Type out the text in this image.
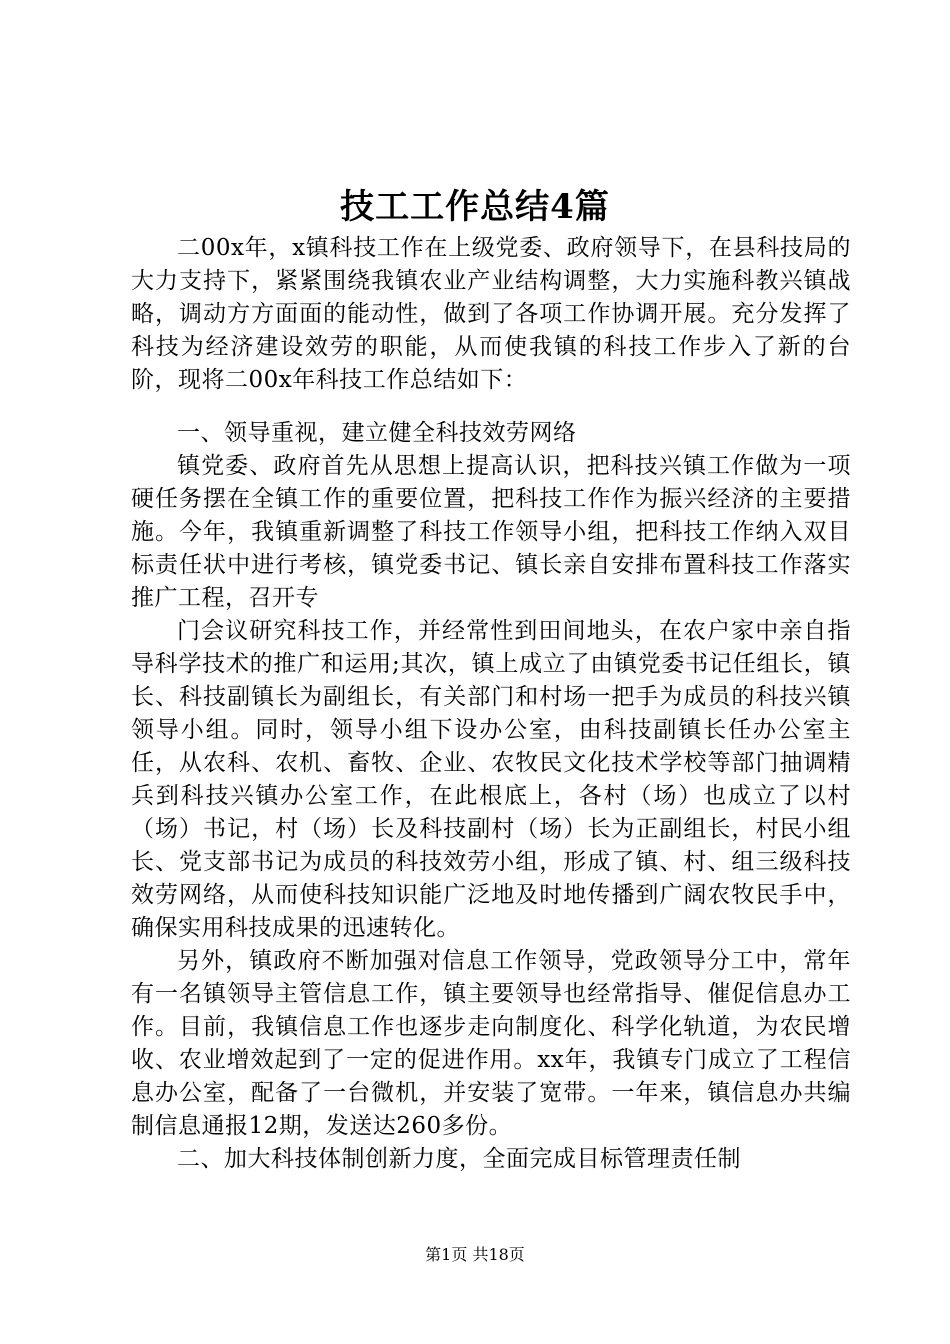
技工工作总结4篇

二00x年，x镇科技工作在上级党委、政府领导下，在县科技局的大力支持下，紧紧围绕我镇农业产业结构调整，大力实施科教兴镇战略，调动方方面面的能动性，做到了各项工作协调开展。充分发挥了科技为经济建设效劳的职能，从而使我镇的科技工作步入了新的台阶，现将二00x年科技工作总结如下：

一、领导重视，建立健全科技效劳网络

镇党委、政府首先从思想上提高认识，把科技兴镇工作做为一项硬任务摆在全镇工作的重要位置，把科技工作作为振兴经济的主要措施。今年，我镇重新调整了科技工作领导小组，把科技工作纳入双目标责任状中进行考核，镇党委书记、镇长亲自安排布置科技工作落实推广工程，召开专

门会议研究科技工作，并经常性到田间地头，在农户家中亲自指导科学技术的推广和运用;其次，镇上成立了由镇党委书记任组长，镇长、科技副镇长为副组长，有关部门和村场一把手为成员的科技兴镇领导小组。同时，领导小组下设办公室，由科技副镇长任办公室主任，从农科、农机、畜牧、企业、农牧民文化技术学校等部门抽调精兵到科技兴镇办公室工作，在此根底上，各村（场）也成立了以村（场）书记，村（场）长及科技副村（场）长为正副组长，村民小组长、党支部书记为成员的科技效劳小组，形成了镇、村、组三级科技效劳网络，从而使科技知识能广泛地及时地传播到广阔农牧民手中，确保实用科技成果的迅速转化。

另外，镇政府不断加强对信息工作领导，党政领导分工中，常年有一名镇领导主管信息工作，镇主要领导也经常指导、催促信息办工作。目前，我镇信息工作也逐步走向制度化、科学化轨道，为农民增收、农业增效起到了一定的促进作用。xx年，我镇专门成立了工程信息办公室，配备了一台微机，并安装了宽带。一年来，镇信息办共编制信息通报12期，发送达260多份。

二、加大科技体制创新力度，全面完成目标管理责任制

第1页 共18页
